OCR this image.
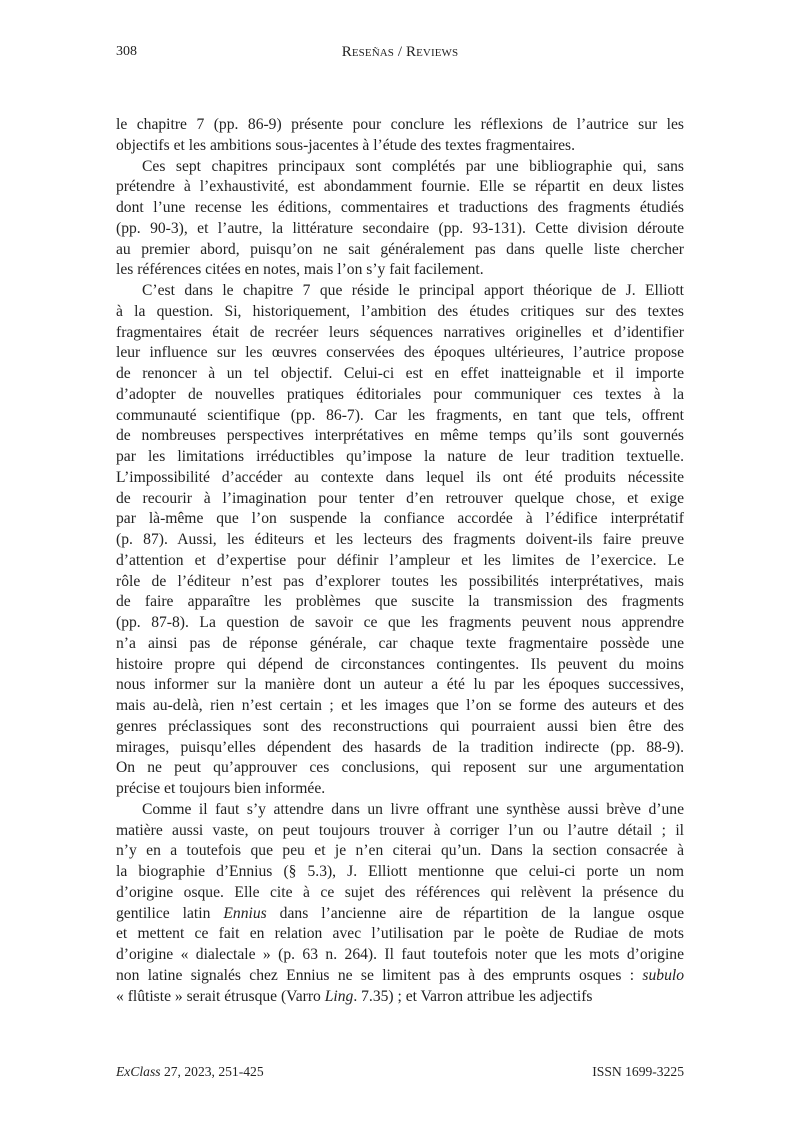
308	Reseñas / Reviews
le chapitre 7 (pp. 86-9) présente pour conclure les réflexions de l’autrice sur les
objectifs et les ambitions sous-jacentes à l’étude des textes fragmentaires.
Ces sept chapitres principaux sont complétés par une bibliographie qui, sans
prétendre à l’exhaustivité, est abondamment fournie. Elle se répartit en deux listes
dont l’une recense les éditions, commentaires et traductions des fragments étudiés
(pp. 90-3), et l’autre, la littérature secondaire (pp. 93-131). Cette division déroute
au premier abord, puisqu’on ne sait généralement pas dans quelle liste chercher
les références citées en notes, mais l’on s’y fait facilement.
C’est dans le chapitre 7 que réside le principal apport théorique de J. Elliott
à la question. Si, historiquement, l’ambition des études critiques sur des textes
fragmentaires était de recréer leurs séquences narratives originelles et d’identifier
leur influence sur les œuvres conservées des époques ultérieures, l’autrice propose
de renoncer à un tel objectif. Celui-ci est en effet inatteignable et il importe
d’adopter de nouvelles pratiques éditoriales pour communiquer ces textes à la
communauté scientifique (pp. 86-7). Car les fragments, en tant que tels, offrent
de nombreuses perspectives interprétatives en même temps qu’ils sont gouvernés
par les limitations irréductibles qu’impose la nature de leur tradition textuelle.
L’impossibilité d’accéder au contexte dans lequel ils ont été produits nécessite
de recourir à l’imagination pour tenter d’en retrouver quelque chose, et exige
par là-même que l’on suspende la confiance accordée à l’édifice interprétatif
(p. 87). Aussi, les éditeurs et les lecteurs des fragments doivent-ils faire preuve
d’attention et d’expertise pour définir l’ampleur et les limites de l’exercice. Le
rôle de l’éditeur n’est pas d’explorer toutes les possibilités interprétatives, mais
de faire apparaître les problèmes que suscite la transmission des fragments
(pp. 87-8). La question de savoir ce que les fragments peuvent nous apprendre
n’a ainsi pas de réponse générale, car chaque texte fragmentaire possède une
histoire propre qui dépend de circonstances contingentes. Ils peuvent du moins
nous informer sur la manière dont un auteur a été lu par les époques successives,
mais au-delà, rien n’est certain ; et les images que l’on se forme des auteurs et des
genres préclassiques sont des reconstructions qui pourraient aussi bien être des
mirages, puisqu’elles dépendent des hasards de la tradition indirecte (pp. 88-9).
On ne peut qu’approuver ces conclusions, qui reposent sur une argumentation
précise et toujours bien informée.
Comme il faut s’y attendre dans un livre offrant une synthèse aussi brève d’une
matière aussi vaste, on peut toujours trouver à corriger l’un ou l’autre détail ; il
n’y en a toutefois que peu et je n’en citerai qu’un. Dans la section consacrée à
la biographie d’Ennius (§ 5.3), J. Elliott mentionne que celui-ci porte un nom
d’origine osque. Elle cite à ce sujet des références qui relèvent la présence du
gentilice latin Ennius dans l’ancienne aire de répartition de la langue osque
et mettent ce fait en relation avec l’utilisation par le poète de Rudiae de mots
d’origine « dialectale » (p. 63 n. 264). Il faut toutefois noter que les mots d’origine
non latine signalés chez Ennius ne se limitent pas à des emprunts osques : subulo
« flûtiste » serait étrusque (Varro Ling. 7.35) ; et Varron attribue les adjectifs
ExClass 27, 2023, 251-425	ISSN 1699-3225
